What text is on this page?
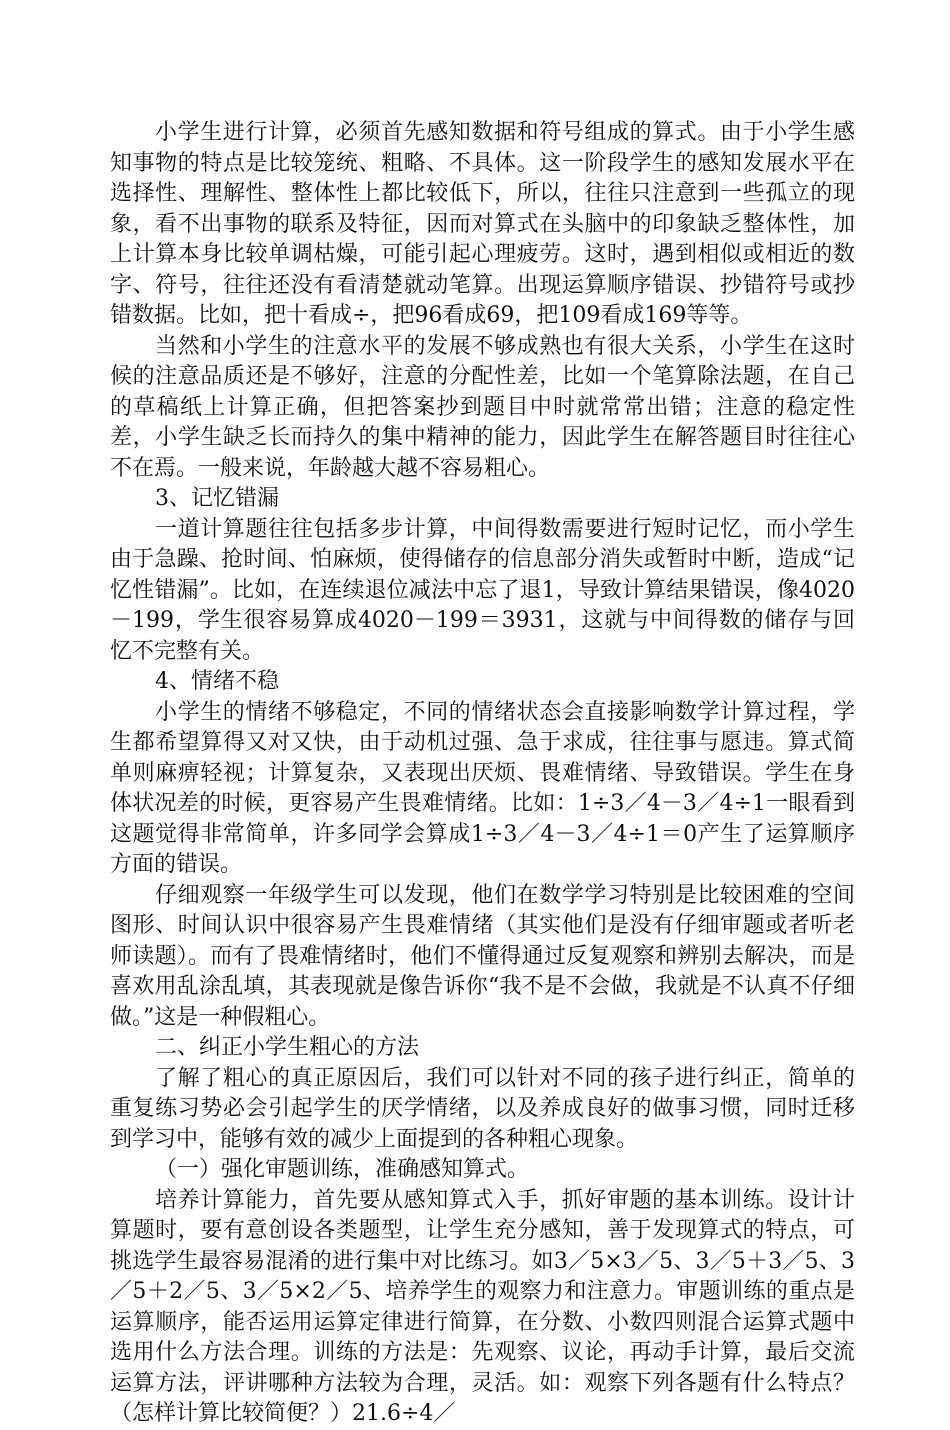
小学生进行计算，必须首先感知数据和符号组成的算式。由于小学生感知事物的特点是比较笼统、粗略、不具体。这一阶段学生的感知发展水平在选择性、理解性、整体性上都比较低下，所以，往往只注意到一些孤立的现象，看不出事物的联系及特征，因而对算式在头脑中的印象缺乏整体性，加上计算本身比较单调枯燥，可能引起心理疲劳。这时，遇到相似或相近的数字、符号，往往还没有看清楚就动笔算。出现运算顺序错误、抄错符号或抄错数据。比如，把十看成÷，把96看成69，把109看成169等等。

当然和小学生的注意水平的发展不够成熟也有很大关系，小学生在这时候的注意品质还是不够好，注意的分配性差，比如一个笔算除法题，在自己的草稿纸上计算正确，但把答案抄到题目中时就常常出错；注意的稳定性差，小学生缺乏长而持久的集中精神的能力，因此学生在解答题目时往往心不在焉。一般来说，年龄越大越不容易粗心。

3、记忆错漏

一道计算题往往包括多步计算，中间得数需要进行短时记忆，而小学生由于急躁、抢时间、怕麻烦，使得储存的信息部分消失或暂时中断，造成“记忆性错漏”。比如，在连续退位减法中忘了退1，导致计算结果错误，像4020－199，学生很容易算成4020－199＝3931，这就与中间得数的储存与回忆不完整有关。

4、情绪不稳

小学生的情绪不够稳定，不同的情绪状态会直接影响数学计算过程，学生都希望算得又对又快，由于动机过强、急于求成，往往事与愿违。算式简单则麻痹轻视；计算复杂，又表现出厌烦、畏难情绪、导致错误。学生在身体状况差的时候，更容易产生畏难情绪。比如：1÷3／4－3／4÷1一眼看到这题觉得非常简单，许多同学会算成1÷3／4－3／4÷1＝0产生了运算顺序方面的错误。

仔细观察一年级学生可以发现，他们在数学学习特别是比较困难的空间图形、时间认识中很容易产生畏难情绪（其实他们是没有仔细审题或者听老师读题）。而有了畏难情绪时，他们不懂得通过反复观察和辨别去解决，而是喜欢用乱涂乱填，其表现就是像告诉你“我不是不会做，我就是不认真不仔细做。”这是一种假粗心。

二、纠正小学生粗心的方法

了解了粗心的真正原因后，我们可以针对不同的孩子进行纠正，简单的重复练习势必会引起学生的厌学情绪，以及养成良好的做事习惯，同时迁移到学习中，能够有效的减少上面提到的各种粗心现象。

（一）强化审题训练，准确感知算式。

培养计算能力，首先要从感知算式入手，抓好审题的基本训练。设计计算题时，要有意创设各类题型，让学生充分感知，善于发现算式的特点，可挑选学生最容易混淆的进行集中对比练习。如3／5×3／5、3／5＋3／5、3／5＋2／5、3／5×2／5、培养学生的观察力和注意力。审题训练的重点是运算顺序，能否运用运算定律进行简算，在分数、小数四则混合运算式题中选用什么方法合理。训练的方法是：先观察、议论，再动手计算，最后交流运算方法，评讲哪种方法较为合理，灵活。如：观察下列各题有什么特点？（怎样计算比较简便？）21.6÷4／
